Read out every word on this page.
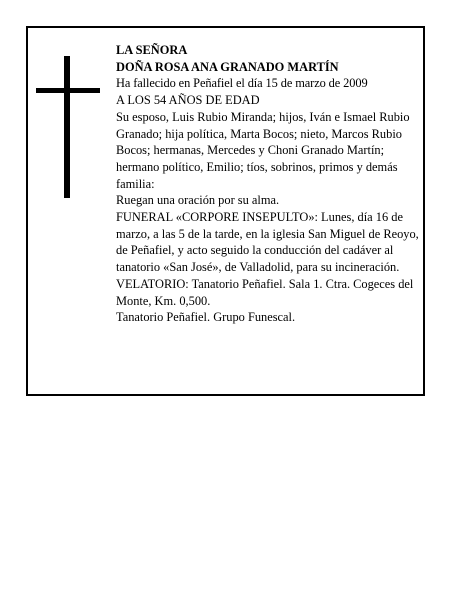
LA SEÑORA

DOÑA ROSA ANA GRANADO MARTÍN

Ha fallecido en Peñafiel el día 15 de marzo de 2009

A LOS 54 AÑOS DE EDAD

Su esposo, Luis Rubio Miranda; hijos, Iván e Ismael Rubio Granado; hija política, Marta Bocos; nieto, Marcos Rubio Bocos; hermanas, Mercedes y Choni Granado Martín; hermano político, Emilio; tíos, sobrinos, primos y demás familia:

Ruegan una oración por su alma.

FUNERAL «CORPORE INSEPULTO»: Lunes, día 16 de marzo, a las 5 de la tarde, en la iglesia San Miguel de Reoyo, de Peñafiel, y acto seguido la conducción del cadáver al tanatorio «San José», de Valladolid, para su incineración.

VELATORIO: Tanatorio Peñafiel. Sala 1. Ctra. Cogeces del Monte, Km. 0,500.

Tanatorio Peñafiel. Grupo Funescal.
